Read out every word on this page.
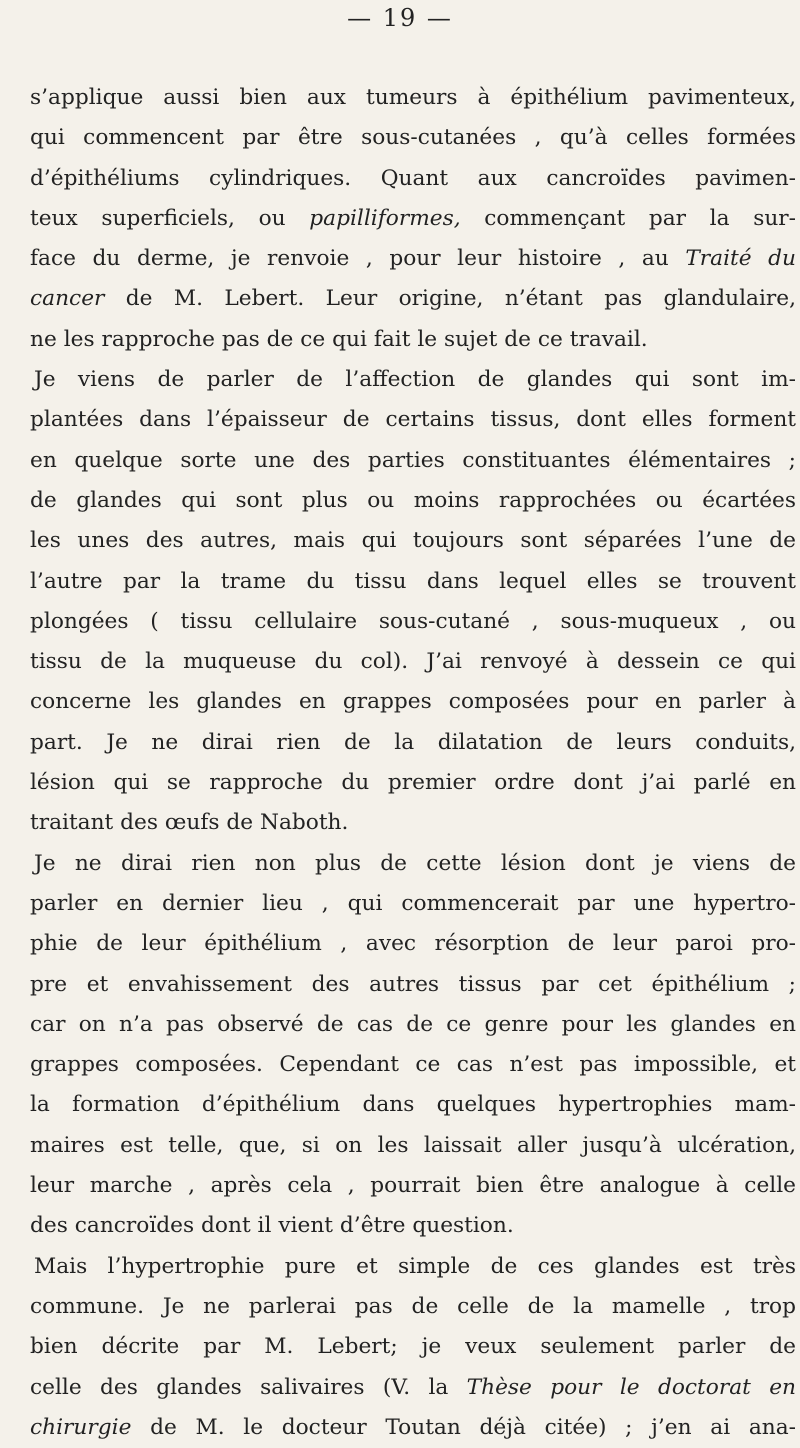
— 19 —
s’applique aussi bien aux tumeurs à épithélium pavimenteux,
qui commencent par être sous-cutanées , qu’à celles formées
d’épithéliums cylindriques. Quant aux cancroïdes pavimen-
teux superficiels, ou papilliformes, commençant par la sur-
face du derme, je renvoie , pour leur histoire , au Traité du
cancer de M. Lebert. Leur origine, n’étant pas glandulaire,
ne les rapproche pas de ce qui fait le sujet de ce travail.
Je viens de parler de l’affection de glandes qui sont im-
plantées dans l’épaisseur de certains tissus, dont elles forment
en quelque sorte une des parties constituantes élémentaires ;
de glandes qui sont plus ou moins rapprochées ou écartées
les unes des autres, mais qui toujours sont séparées l’une de
l’autre par la trame du tissu dans lequel elles se trouvent
plongées ( tissu cellulaire sous-cutané , sous-muqueux , ou
tissu de la muqueuse du col). J’ai renvoyé à dessein ce qui
concerne les glandes en grappes composées pour en parler à
part. Je ne dirai rien de la dilatation de leurs conduits,
lésion qui se rapproche du premier ordre dont j’ai parlé en
traitant des œufs de Naboth.
Je ne dirai rien non plus de cette lésion dont je viens de
parler en dernier lieu , qui commencerait par une hypertro-
phie de leur épithélium , avec résorption de leur paroi pro-
pre et envahissement des autres tissus par cet épithélium ;
car on n’a pas observé de cas de ce genre pour les glandes en
grappes composées. Cependant ce cas n’est pas impossible, et
la formation d’épithélium dans quelques hypertrophies mam-
maires est telle, que, si on les laissait aller jusqu’à ulcération,
leur marche , après cela , pourrait bien être analogue à celle
des cancroïdes dont il vient d’être question.
Mais l’hypertrophie pure et simple de ces glandes est très
commune. Je ne parlerai pas de celle de la mamelle , trop
bien décrite par M. Lebert; je veux seulement parler de
celle des glandes salivaires (V. la Thèse pour le doctorat en
chirurgie de M. le docteur Toutan déjà citée) ; j’en ai ana-
